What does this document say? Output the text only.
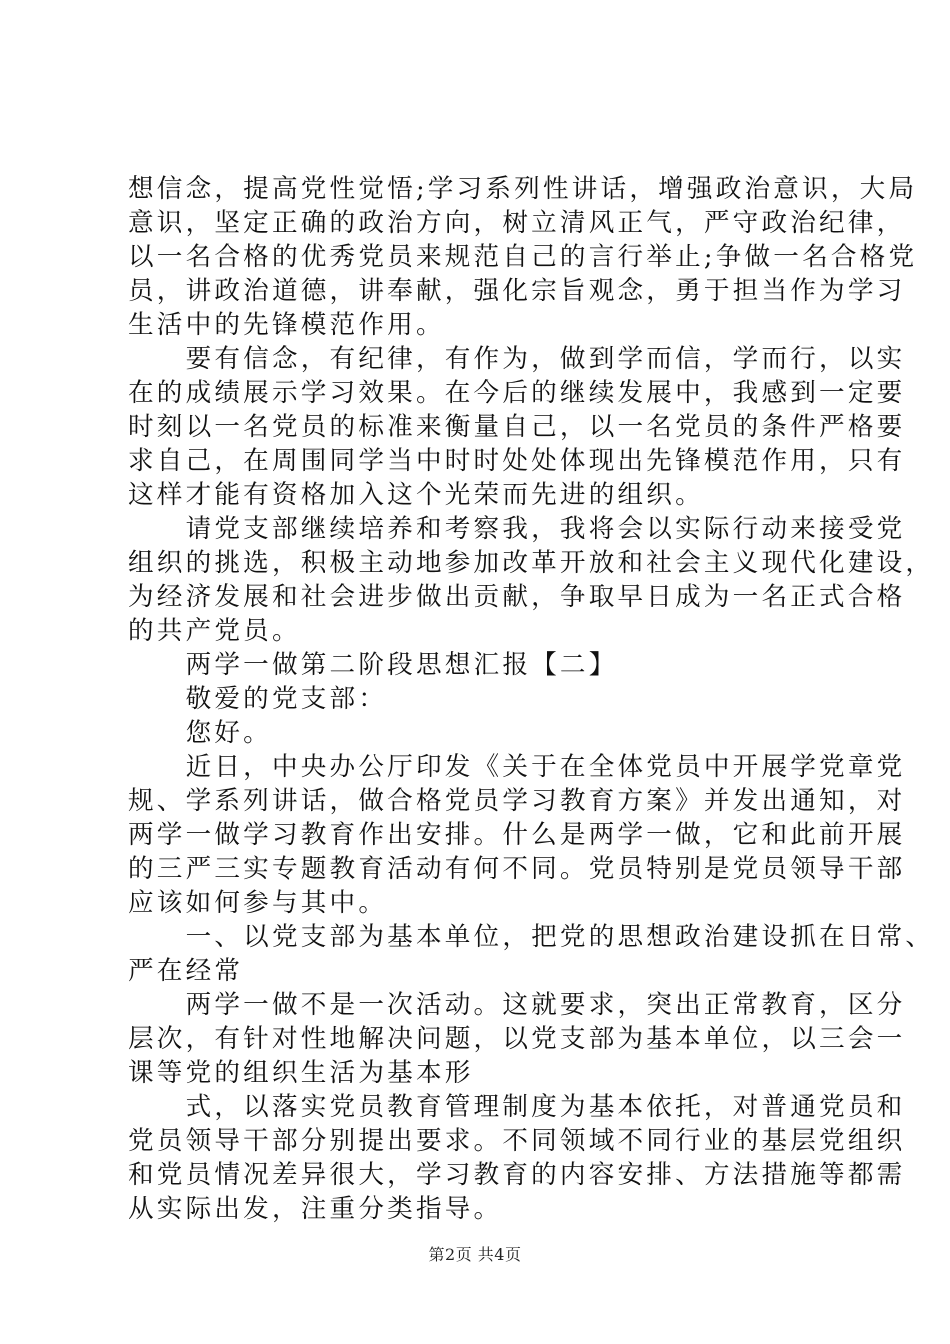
想信念，提高党性觉悟;学习系列性讲话，增强政治意识，大局
意识，坚定正确的政治方向，树立清风正气，严守政治纪律，
以一名合格的优秀党员来规范自己的言行举止;争做一名合格党
员，讲政治道德，讲奉献，强化宗旨观念，勇于担当作为学习
生活中的先锋模范作用。
　　要有信念，有纪律，有作为，做到学而信，学而行，以实
在的成绩展示学习效果。在今后的继续发展中，我感到一定要
时刻以一名党员的标准来衡量自己，以一名党员的条件严格要
求自己，在周围同学当中时时处处体现出先锋模范作用，只有
这样才能有资格加入这个光荣而先进的组织。
　　请党支部继续培养和考察我，我将会以实际行动来接受党
组织的挑选，积极主动地参加改革开放和社会主义现代化建设，
为经济发展和社会进步做出贡献，争取早日成为一名正式合格
的共产党员。
　　两学一做第二阶段思想汇报【二】
　　敬爱的党支部：
　　您好。
　　近日，中央办公厅印发《关于在全体党员中开展学党章党
规、学系列讲话，做合格党员学习教育方案》并发出通知，对
两学一做学习教育作出安排。什么是两学一做，它和此前开展
的三严三实专题教育活动有何不同。党员特别是党员领导干部
应该如何参与其中。
　　一、以党支部为基本单位，把党的思想政治建设抓在日常、
严在经常
　　两学一做不是一次活动。这就要求，突出正常教育，区分
层次，有针对性地解决问题，以党支部为基本单位，以三会一
课等党的组织生活为基本形
　　式，以落实党员教育管理制度为基本依托，对普通党员和
党员领导干部分别提出要求。不同领域不同行业的基层党组织
和党员情况差异很大，学习教育的内容安排、方法措施等都需
从实际出发，注重分类指导。
第2页 共4页
